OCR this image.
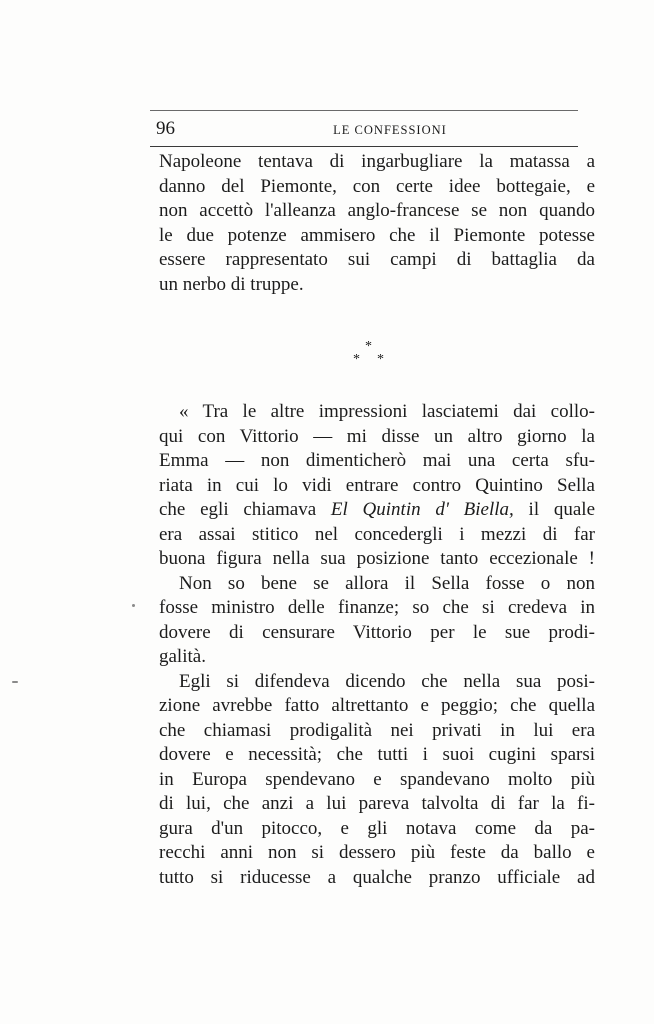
96	LE CONFESSIONI

Napoleone tentava di ingarbugliare la matassa a
danno del Piemonte, con certe idee bottegaie, e
non accettò l'alleanza anglo-francese se non quando
le due potenze ammisero che il Piemonte potesse
essere rappresentato sui campi di battaglia da
un nerbo di truppe.
*
* *
« Tra le altre impressioni lasciatemi dai collo-
qui con Vittorio — mi disse un altro giorno la
Emma — non dimenticherò mai una certa sfu-
riata in cui lo vidi entrare contro Quintino Sella
che egli chiamava El Quintin d' Biella, il quale
era assai stitico nel concedergli i mezzi di far
buona figura nella sua posizione tanto eccezionale !
Non so bene se allora il Sella fosse o non
fosse ministro delle finanze; so che si credeva in
dovere di censurare Vittorio per le sue prodi-
galità.
Egli si difendeva dicendo che nella sua posi-
zione avrebbe fatto altrettanto e peggio; che quella
che chiamasi prodigalità nei privati in lui era
dovere e necessità; che tutti i suoi cugini sparsi
in Europa spendevano e spandevano molto più
di lui, che anzi a lui pareva talvolta di far la fi-
gura d'un pitocco, e gli notava come da pa-
recchi anni non si dessero più feste da ballo e
tutto si riducesse a qualche pranzo ufficiale ad
